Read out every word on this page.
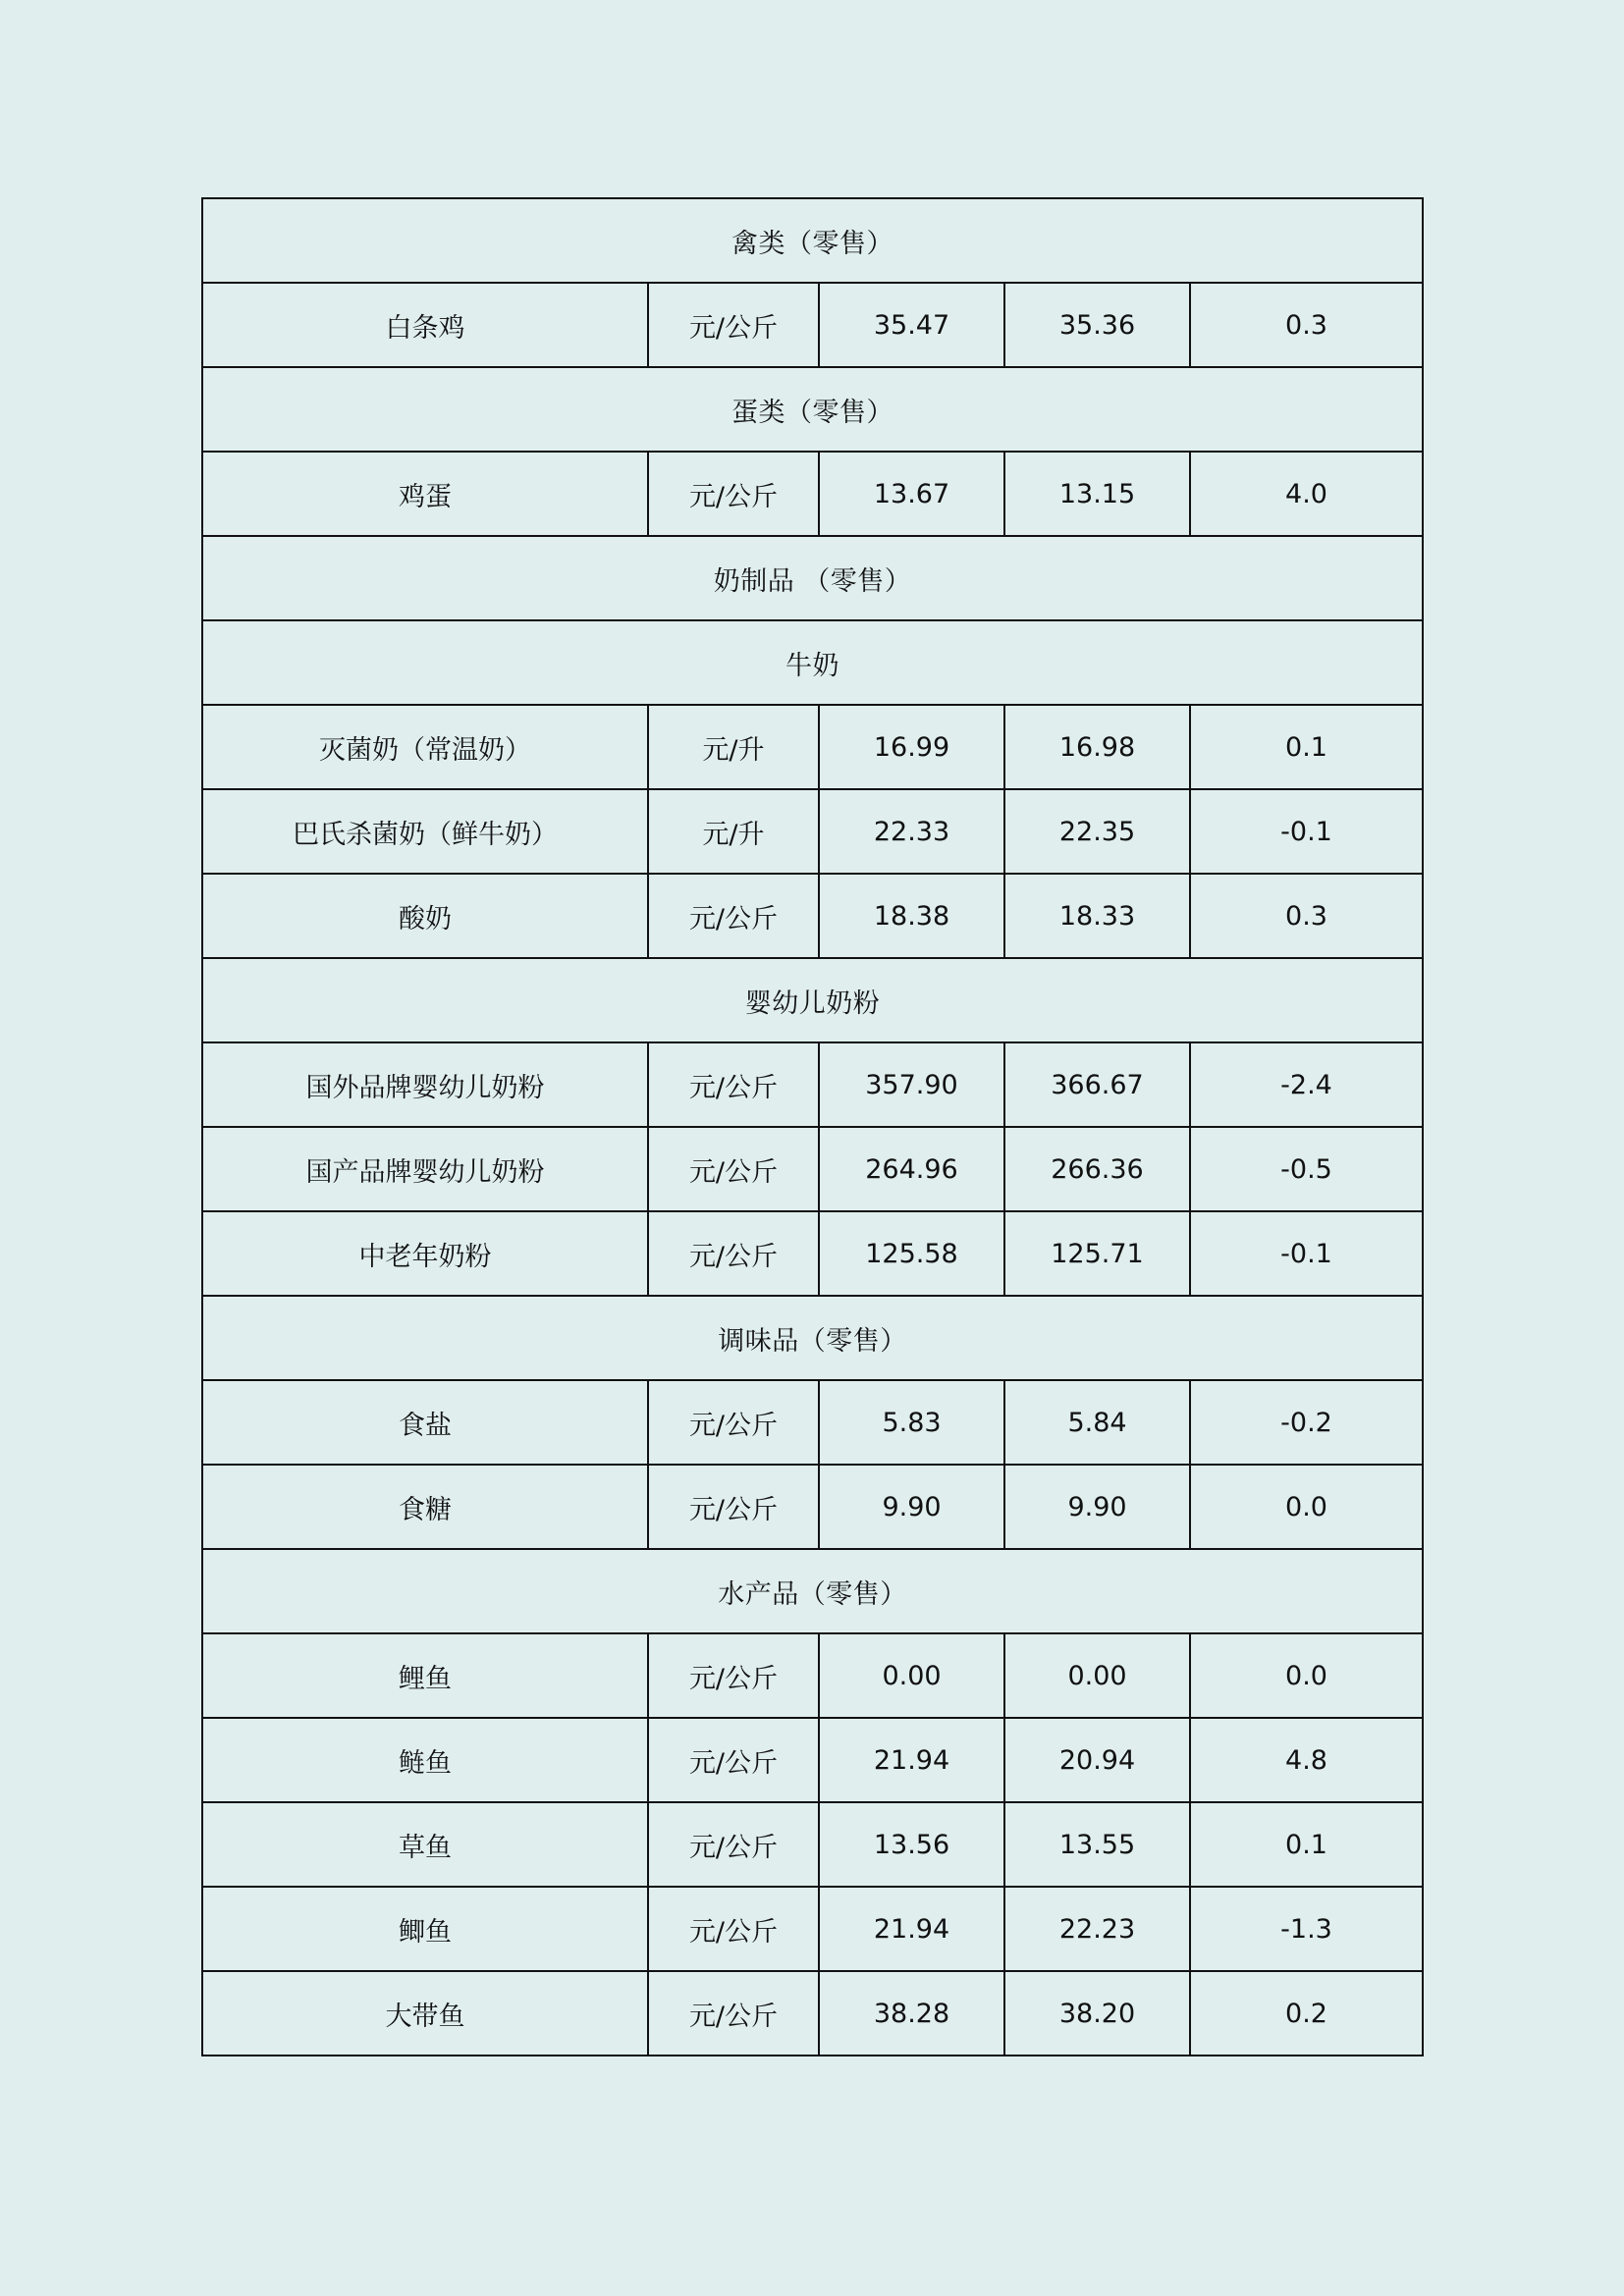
禽类（零售）				
白条鸡	元/公斤	35.47	35.36	0.3
蛋类（零售）				
鸡蛋	元/公斤	13.67	13.15	4.0
奶制品 （零售）				
牛奶				
灭菌奶（常温奶）	元/升	16.99	16.98	0.1
巴氏杀菌奶（鲜牛奶）	元/升	22.33	22.35	-0.1
酸奶	元/公斤	18.38	18.33	0.3
婴幼儿奶粉				
国外品牌婴幼儿奶粉	元/公斤	357.90	366.67	-2.4
国产品牌婴幼儿奶粉	元/公斤	264.96	266.36	-0.5
中老年奶粉	元/公斤	125.58	125.71	-0.1
调味品（零售）				
食盐	元/公斤	5.83	5.84	-0.2
食糖	元/公斤	9.90	9.90	0.0
水产品（零售）				
鲤鱼	元/公斤	0.00	0.00	0.0
鲢鱼	元/公斤	21.94	20.94	4.8
草鱼	元/公斤	13.56	13.55	0.1
鲫鱼	元/公斤	21.94	22.23	-1.3
大带鱼	元/公斤	38.28	38.20	0.2
